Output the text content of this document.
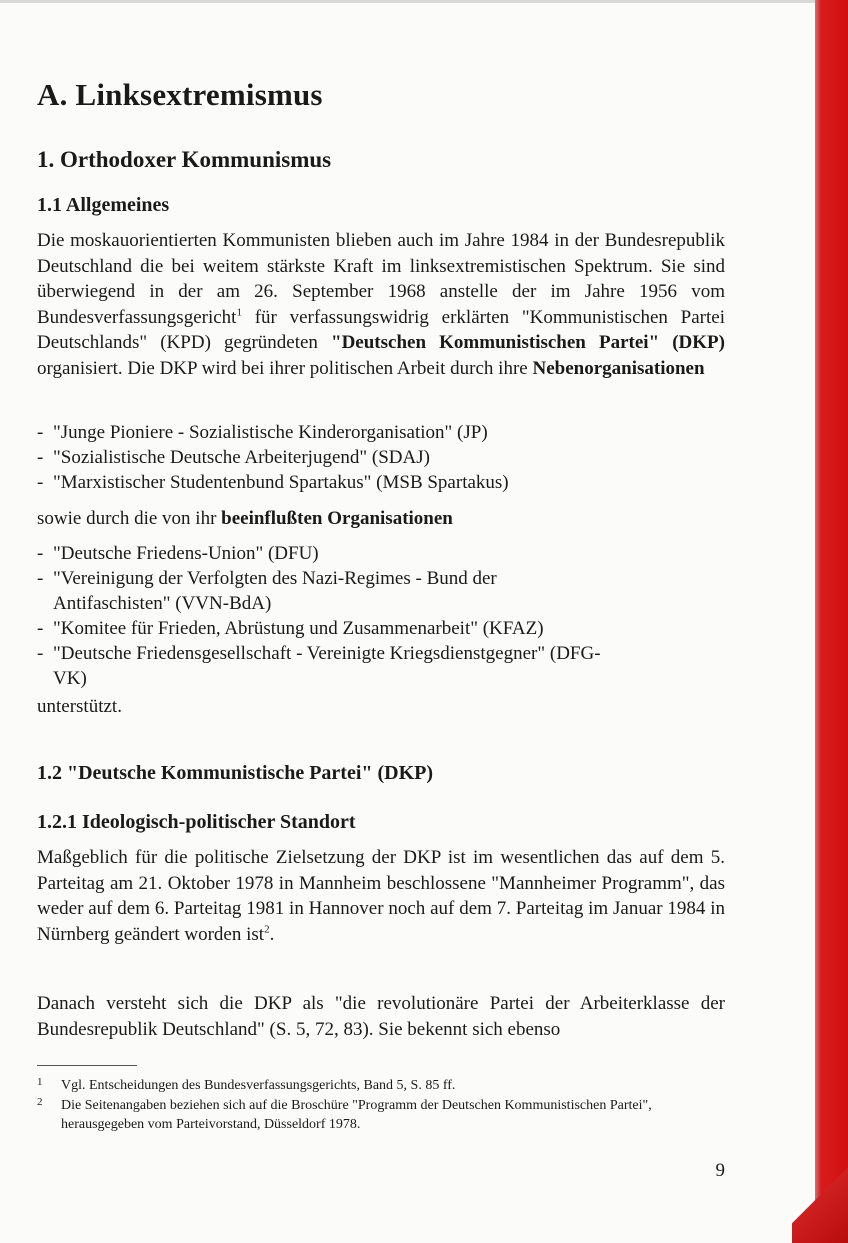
A. Linksextremismus
1. Orthodoxer Kommunismus
1.1 Allgemeines

Die moskauorientierten Kommunisten blieben auch im Jahre 1984 in der Bundesrepublik Deutschland die bei weitem stärkste Kraft im linksextremistischen Spektrum. Sie sind überwiegend in der am 26. September 1968 anstelle der im Jahre 1956 vom Bundesverfassungsgericht$^1$ für verfassungswidrig erklärten "Kommunistischen Partei Deutschlands" (KPD) gegründeten "Deutschen Kommunistischen Partei" (DKP) organisiert. Die DKP wird bei ihrer politischen Arbeit durch ihre Nebenorganisationen

- "Junge Pioniere - Sozialistische Kinderorganisation" (JP)
- "Sozialistische Deutsche Arbeiterjugend" (SDAJ)
- "Marxistischer Studentenbund Spartakus" (MSB Spartakus)

sowie durch die von ihr beeinflußten Organisationen

- "Deutsche Friedens-Union" (DFU)
- "Vereinigung der Verfolgten des Nazi-Regimes - Bund der Antifaschisten" (VVN-BdA)
- "Komitee für Frieden, Abrüstung und Zusammenarbeit" (KFAZ)
- "Deutsche Friedensgesellschaft - Vereinigte Kriegsdienstgegner" (DFG-VK)

unterstützt.

1.2 "Deutsche Kommunistische Partei" (DKP)
1.2.1 Ideologisch-politischer Standort

Maßgeblich für die politische Zielsetzung der DKP ist im wesentlichen das auf dem 5. Parteitag am 21. Oktober 1978 in Mannheim beschlossene "Mannheimer Programm", das weder auf dem 6. Parteitag 1981 in Hannover noch auf dem 7. Parteitag im Januar 1984 in Nürnberg geändert worden ist$^2$.

Danach versteht sich die DKP als "die revolutionäre Partei der Arbeiterklasse der Bundesrepublik Deutschland" (S. 5, 72, 83). Sie bekennt sich ebenso

1 Vgl. Entscheidungen des Bundesverfassungsgerichts, Band 5, S. 85 ff.
2 Die Seitenangaben beziehen sich auf die Broschüre "Programm der Deutschen Kommunistischen Partei", herausgegeben vom Parteivorstand, Düsseldorf 1978.
9
